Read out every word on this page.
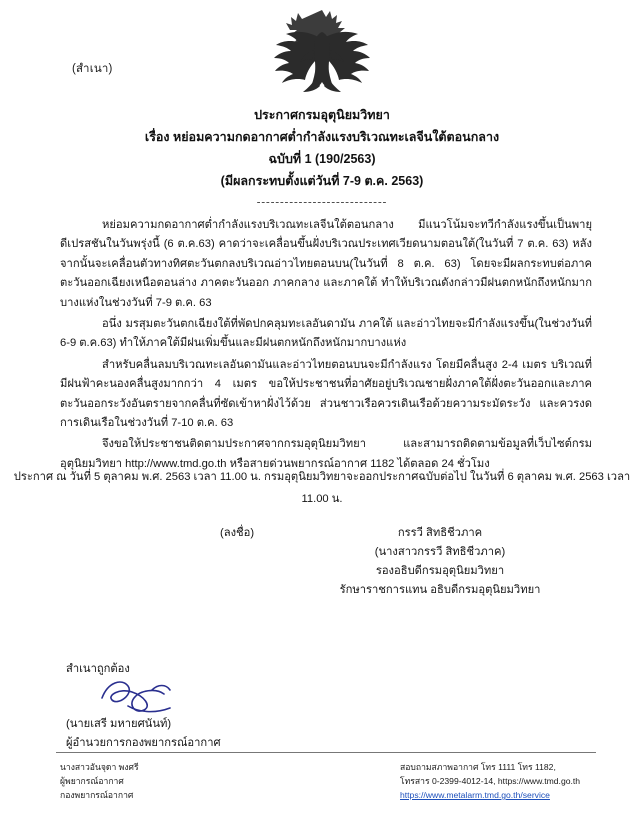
(สำเนา)
ประกาศกรมอุตุนิยมวิทยา
เรื่อง หย่อมความกดอากาศต่ำกำลังแรงบริเวณทะเลจีนใต้ตอนกลาง
ฉบับที่ 1 (190/2563)
(มีผลกระทบตั้งแต่วันที่ 7-9 ต.ค. 2563)
----------------------------

หย่อมความกดอากาศต่ำกำลังแรงบริเวณทะเลจีนใต้ตอนกลาง มีแนวโน้มจะทวีกำลังแรงขึ้นเป็นพายุดีเปรสชันในวันพรุ่งนี้ (6 ต.ค.63) คาดว่าจะเคลื่อนขึ้นฝั่งบริเวณประเทศเวียดนามตอนใต้(ในวันที่ 7 ต.ค. 63) หลังจากนั้นจะเคลื่อนตัวทางทิศตะวันตกลงบริเวณอ่าวไทยตอนบน(ในวันที่ 8 ต.ค. 63) โดยจะมีผลกระทบต่อภาคตะวันออกเฉียงเหนือตอนล่าง ภาคตะวันออก ภาคกลาง และภาคใต้ ทำให้บริเวณดังกล่าวมีฝนตกหนักถึงหนักมากบางแห่งในช่วงวันที่ 7-9 ต.ค. 63

อนึ่ง มรสุมตะวันตกเฉียงใต้ที่พัดปกคลุมทะเลอันดามัน ภาคใต้ และอ่าวไทยจะมีกำลังแรงขึ้น(ในช่วงวันที่ 6-9 ต.ค.63) ทำให้ภาคใต้มีฝนเพิ่มขึ้นและมีฝนตกหนักถึงหนักมากบางแห่ง

สำหรับคลื่นลมบริเวณทะเลอันดามันและอ่าวไทยตอนบนจะมีกำลังแรง โดยมีคลื่นสูง 2-4 เมตร บริเวณที่มีฝนฟ้าคะนองคลื่นสูงมากกว่า 4 เมตร ขอให้ประชาชนที่อาศัยอยู่บริเวณชายฝั่งภาคใต้ฝั่งตะวันออกและภาคตะวันออกระวังอันตรายจากคลื่นที่ซัดเข้าหาฝั่งไว้ด้วย ส่วนชาวเรือควรเดินเรือด้วยความระมัดระวัง และควรงดการเดินเรือในช่วงวันที่ 7-10 ต.ค. 63

จึงขอให้ประชาชนติดตามประกาศจากกรมอุตุนิยมวิทยา และสามารถติดตามข้อมูลที่เว็บไซต์กรมอุตุนิยมวิทยา http://www.tmd.go.th หรือสายด่วนพยากรณ์อากาศ 1182 ได้ตลอด 24 ชั่วโมง

ประกาศ ณ วันที่ 5 ตุลาคม พ.ศ. 2563 เวลา 11.00 น. กรมอุตุนิยมวิทยาจะออกประกาศฉบับต่อไป ในวันที่ 6 ตุลาคม พ.ศ. 2563 เวลา 11.00 น.
(ลงชื่อ)	กรรวี สิทธิชีวภาค
(นางสาวกรรวี สิทธิชีวภาค)
รองอธิบดีกรมอุตุนิยมวิทยา
รักษาราชการแทน อธิบดีกรมอุตุนิยมวิทยา
สำเนาถูกต้อง
(นายเสรี มหายศนันท์)
ผู้อำนวยการกองพยากรณ์อากาศ
นางสาวอันจุดา พงศรี
ผู้พยากรณ์อากาศ
กองพยากรณ์อากาศ
สอบถามสภาพอากาศ โทร 1111 โทร 1182,
โทรสาร 0-2399-4012-14, https://www.tmd.go.th
https://www.metalarm.tmd.go.th/service
